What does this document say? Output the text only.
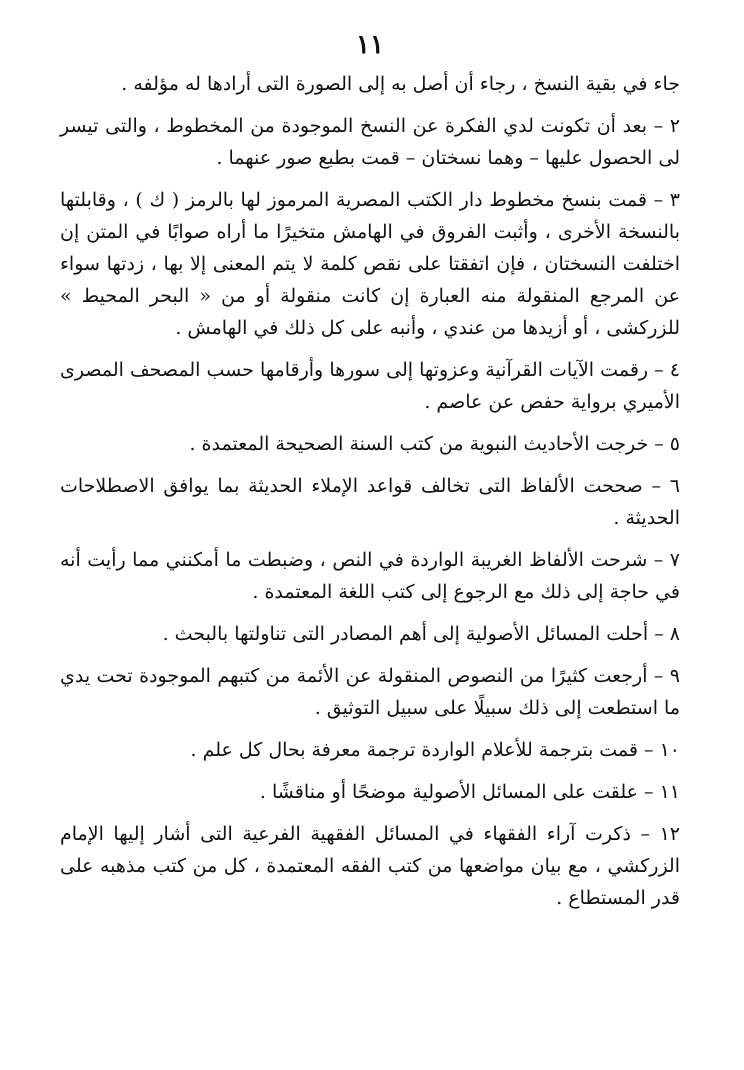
١١

جاء في بقية النسخ ، رجاء أن أصل به إلى الصورة التى أرادها له مؤلفه .

٢ – بعد أن تكونت لدي الفكرة عن النسخ الموجودة من المخطوط ، والتى تيسر لى الحصول عليها – وهما نسختان – قمت بطبع صور عنهما .

٣ – قمت بنسخ مخطوط دار الكتب المصرية المرموز لها بالرمز ( ك ) ، وقابلتها بالنسخة الأخرى ، وأثبت الفروق في الهامش متخيرًا ما أراه صوابًا في المتن إن اختلفت النسختان ، فإن اتفقتا على نقص كلمة لا يتم المعنى إلا بها ، زدتها سواء عن المرجع المنقولة منه العبارة إن كانت منقولة أو من « البحر المحيط » للزركشى ، أو أزيدها من عندي ، وأنبه على كل ذلك في الهامش .

٤ – رقمت الآيات القرآنية وعزوتها إلى سورها وأرقامها حسب المصحف المصرى الأميري برواية حفص عن عاصم .

٥ – خرجت الأحاديث النبوية من كتب السنة الصحيحة المعتمدة .

٦ – صححت الألفاظ التى تخالف قواعد الإملاء الحديثة بما يوافق الاصطلاحات الحديثة .

٧ – شرحت الألفاظ الغريبة الواردة في النص ، وضبطت ما أمكنني مما رأيت أنه في حاجة إلى ذلك مع الرجوع إلى كتب اللغة المعتمدة .

٨ – أحلت المسائل الأصولية إلى أهم المصادر التى تناولتها بالبحث .

٩ – أرجعت كثيرًا من النصوص المنقولة عن الأئمة من كتبهم الموجودة تحت يدي ما استطعت إلى ذلك سبيلًا على سبيل التوثيق .

١٠ – قمت بترجمة للأعلام الواردة ترجمة معرفة بحال كل علم .

١١ – علقت على المسائل الأصولية موضحًا أو مناقشًا .

١٢ – ذكرت آراء الفقهاء في المسائل الفقهية الفرعية التى أشار إليها الإمام الزركشي ، مع بيان مواضعها من كتب الفقه المعتمدة ، كل من كتب مذهبه على قدر المستطاع .
